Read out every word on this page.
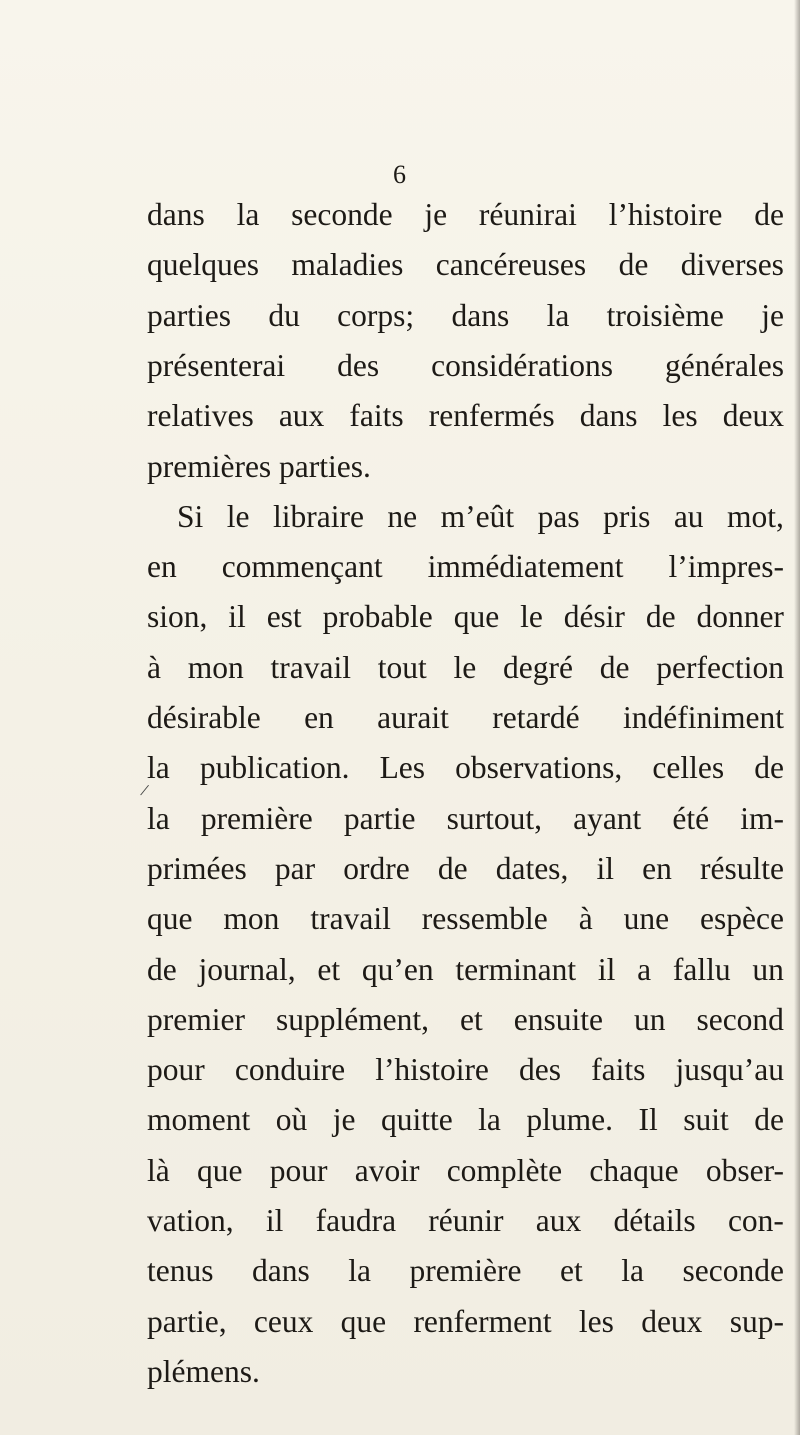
6
/
dans la seconde je réunirai l’histoire de
quelques maladies cancéreuses de diverses
parties du corps; dans la troisième je
présenterai des considérations générales
relatives aux faits renfermés dans les deux
premières parties.
Si le libraire ne m’eût pas pris au mot,
en commençant immédiatement l’impres-
sion, il est probable que le désir de donner
à mon travail tout le degré de perfection
désirable en aurait retardé indéfiniment
la publication. Les observations, celles de
la première partie surtout, ayant été im-
primées par ordre de dates, il en résulte
que mon travail ressemble à une espèce
de journal, et qu’en terminant il a fallu un
premier supplément, et ensuite un second
pour conduire l’histoire des faits jusqu’au
moment où je quitte la plume. Il suit de
là que pour avoir complète chaque obser-
vation, il faudra réunir aux détails con-
tenus dans la première et la seconde
partie, ceux que renferment les deux sup-
plémens.
